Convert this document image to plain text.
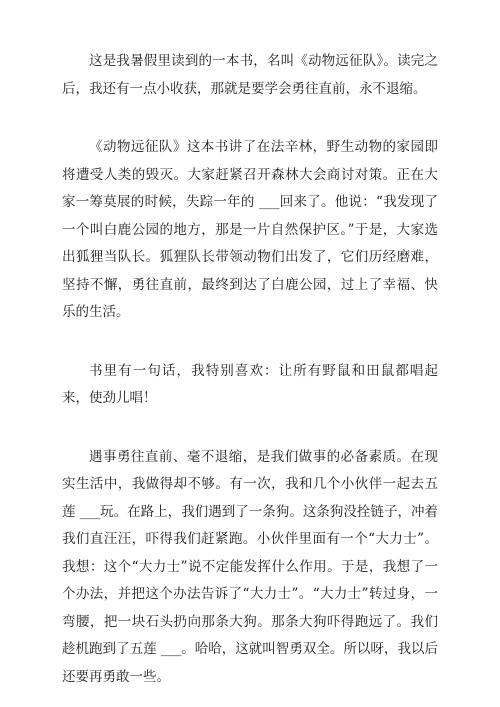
这是我暑假里读到的一本书，名叫《动物远征队》。读完之后，我还有一点小收获，那就是要学会勇往直前，永不退缩。

《动物远征队》这本书讲了在法辛林，野生动物的家园即将遭受人类的毁灭。大家赶紧召开森林大会商讨对策。正在大家一筹莫展的时候，失踪一年的 ___回来了。他说：“我发现了一个叫白鹿公园的地方，那是一片自然保护区。”于是，大家选出狐狸当队长。狐狸队长带领动物们出发了，它们历经磨难，坚持不懈，勇往直前，最终到达了白鹿公园，过上了幸福、快乐的生活。

书里有一句话，我特别喜欢：让所有野鼠和田鼠都唱起来，使劲儿唱！

遇事勇往直前、毫不退缩，是我们做事的必备素质。在现实生活中，我做得却不够。有一次，我和几个小伙伴一起去五莲 ___玩。在路上，我们遇到了一条狗。这条狗没拴链子，冲着我们直汪汪，吓得我们赶紧跑。小伙伴里面有一个“大力士”。我想：这个“大力士”说不定能发挥什么作用。于是，我想了一个办法，并把这个办法告诉了“大力士”。“大力士”转过身，一弯腰，把一块石头扔向那条大狗。那条大狗吓得跑远了。我们趁机跑到了五莲 ___。哈哈，这就叫智勇双全。所以呀，我以后还要再勇敢一些。
